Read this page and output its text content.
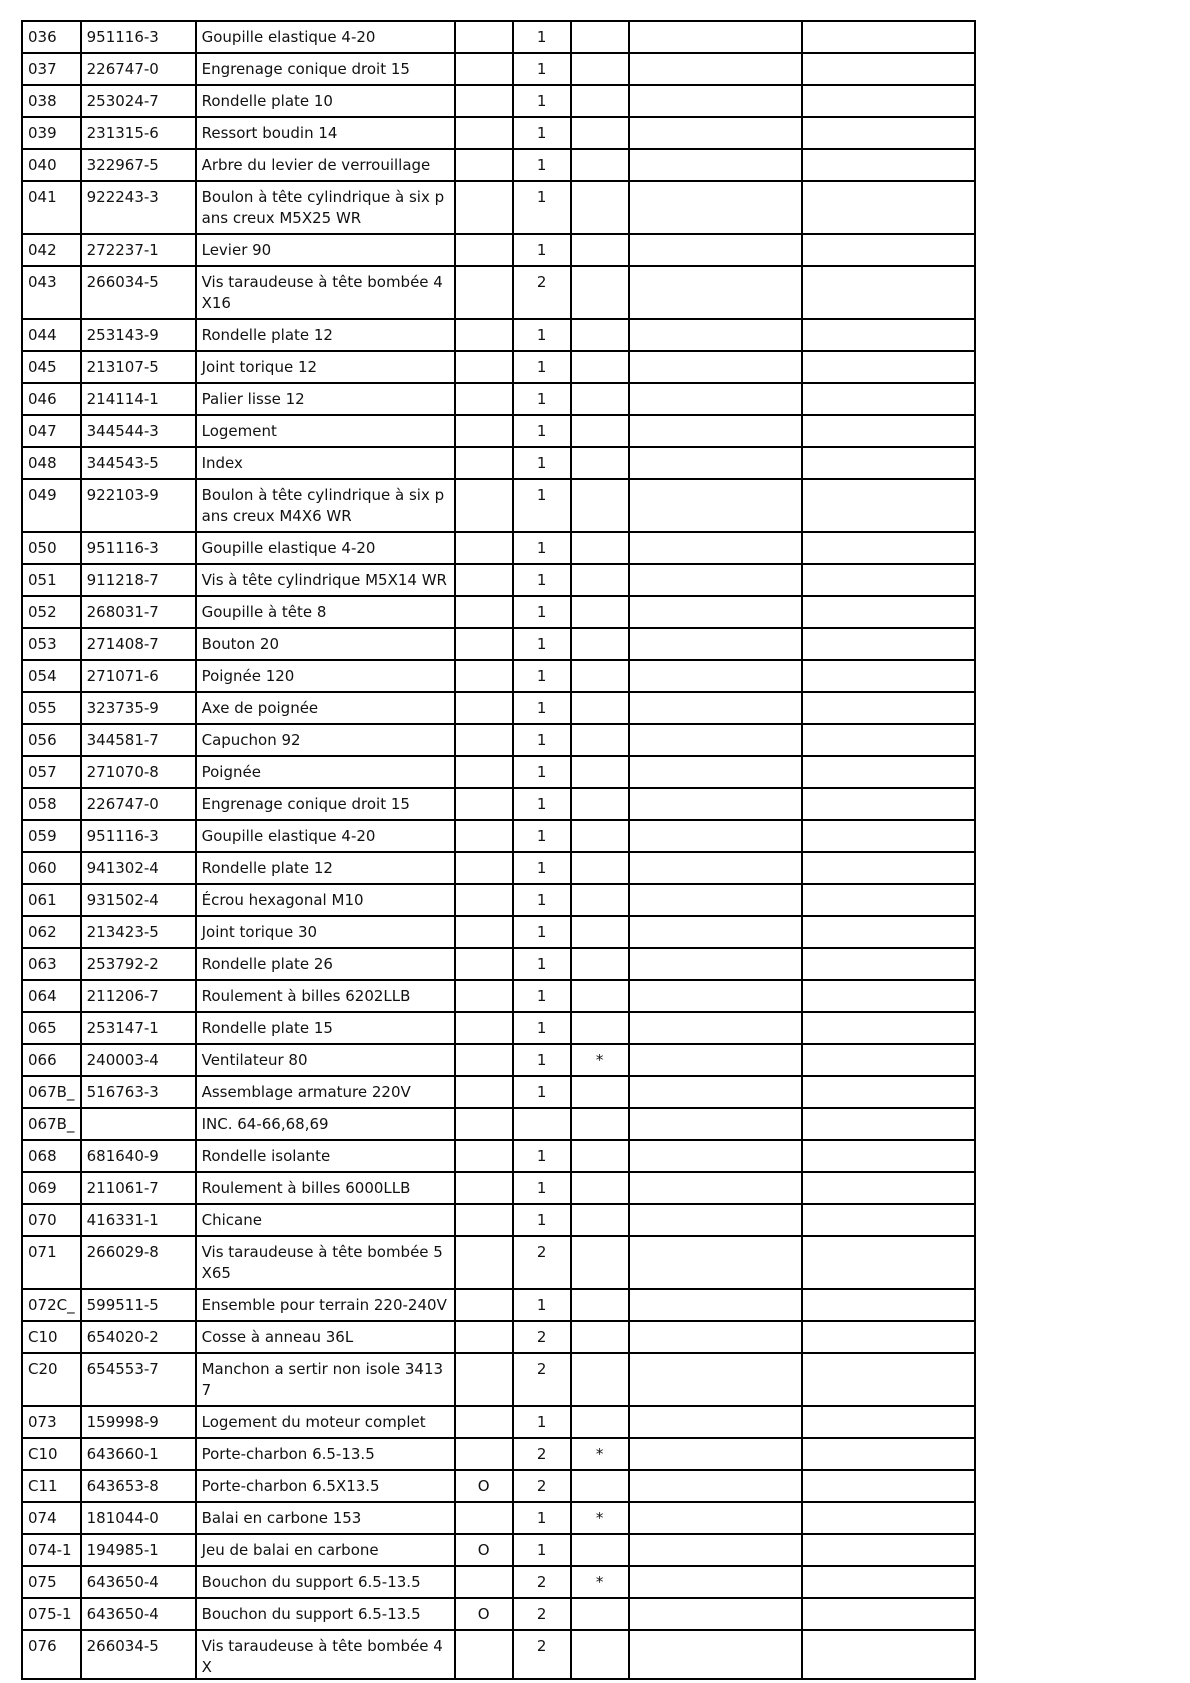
036	951116-3	Goupille elastique 4-20		1			
037	226747-0	Engrenage conique droit 15		1			
038	253024-7	Rondelle plate 10		1			
039	231315-6	Ressort boudin 14		1			
040	322967-5	Arbre du levier de verrouillage		1			
041	922243-3	Boulon à tête cylindrique à six pans creux M5X25 WR		1			
042	272237-1	Levier 90		1			
043	266034-5	Vis taraudeuse à tête bombée 4X16		2			
044	253143-9	Rondelle plate 12		1			
045	213107-5	Joint torique 12		1			
046	214114-1	Palier lisse 12		1			
047	344544-3	Logement		1			
048	344543-5	Index		1			
049	922103-9	Boulon à tête cylindrique à six pans creux M4X6 WR		1			
050	951116-3	Goupille elastique 4-20		1			
051	911218-7	Vis à tête cylindrique M5X14 WR		1			
052	268031-7	Goupille à tête 8		1			
053	271408-7	Bouton 20		1			
054	271071-6	Poignée 120		1			
055	323735-9	Axe de poignée		1			
056	344581-7	Capuchon 92		1			
057	271070-8	Poignée		1			
058	226747-0	Engrenage conique droit 15		1			
059	951116-3	Goupille elastique 4-20		1			
060	941302-4	Rondelle plate 12		1			
061	931502-4	Écrou hexagonal M10		1			
062	213423-5	Joint torique 30		1			
063	253792-2	Rondelle plate 26		1			
064	211206-7	Roulement à billes 6202LLB		1			
065	253147-1	Rondelle plate 15		1			
066	240003-4	Ventilateur 80		1	*		
067B_	516763-3	Assemblage armature 220V		1			
067B_		INC. 64-66,68,69					
068	681640-9	Rondelle isolante		1			
069	211061-7	Roulement à billes 6000LLB		1			
070	416331-1	Chicane		1			
071	266029-8	Vis taraudeuse à tête bombée 5X65		2			
072C_	599511-5	Ensemble pour terrain 220-240V		1			
C10	654020-2	Cosse à anneau 36L		2			
C20	654553-7	Manchon a sertir non isole 34137		2			
073	159998-9	Logement du moteur complet		1			
C10	643660-1	Porte-charbon 6.5-13.5		2	*		
C11	643653-8	Porte-charbon 6.5X13.5	O	2			
074	181044-0	Balai en carbone 153		1	*		
074-1	194985-1	Jeu de balai en carbone	O	1			
075	643650-4	Bouchon du support 6.5-13.5		2	*		
075-1	643650-4	Bouchon du support 6.5-13.5	O	2			
076	266034-5	Vis taraudeuse à tête bombée 4X		2			
